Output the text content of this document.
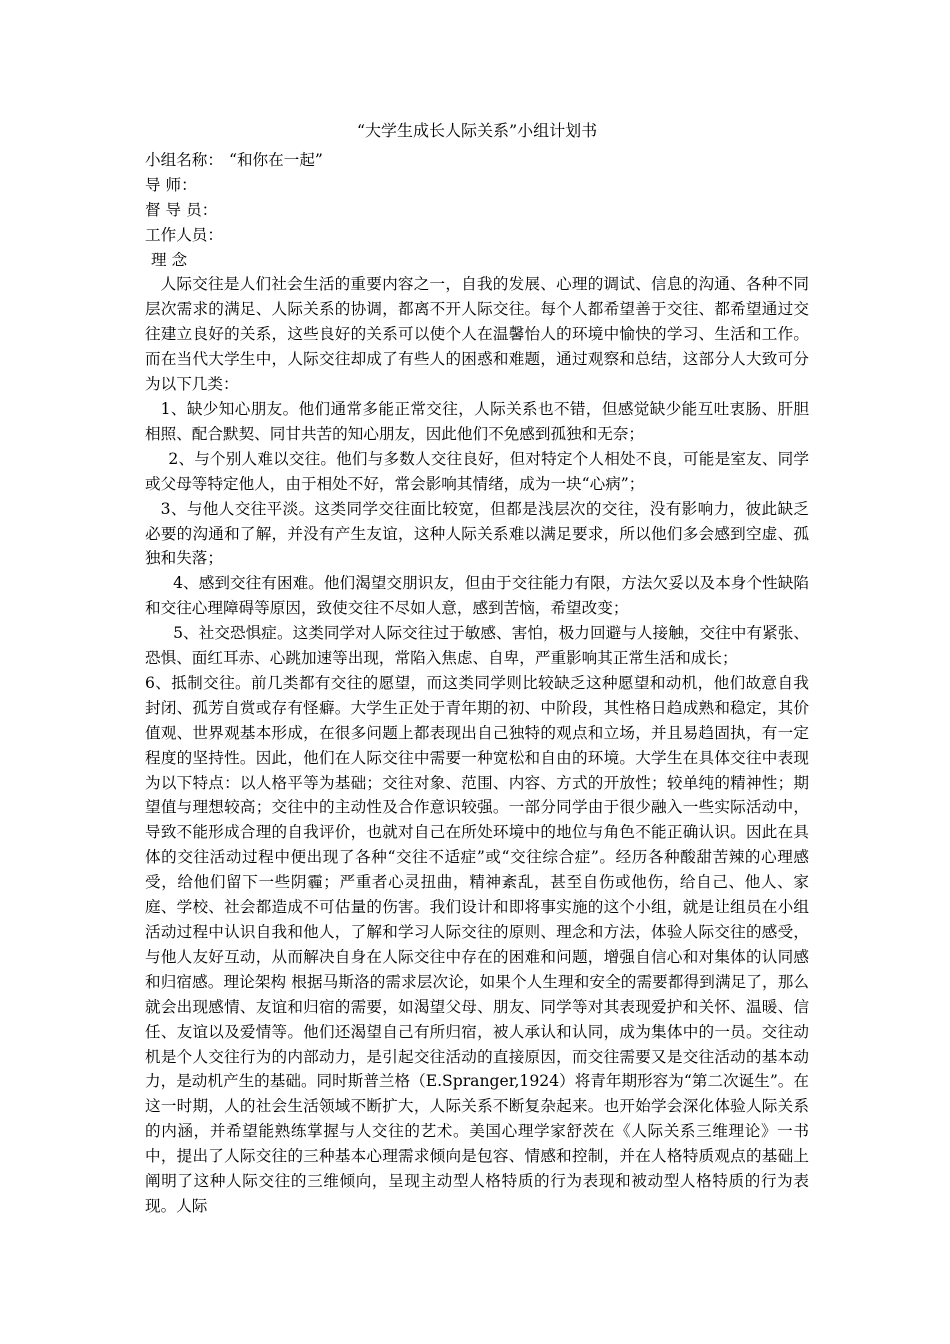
“大学生成长人际关系”小组计划书

小组名称： “和你在一起”

导 师：

督 导 员：

工作人员：

理 念

人际交往是人们社会生活的重要内容之一，自我的发展、心理的调试、信息的沟通、各种不同层次需求的满足、人际关系的协调，都离不开人际交往。每个人都希望善于交往、都希望通过交往建立良好的关系，这些良好的关系可以使个人在温馨怡人的环境中愉快的学习、生活和工作。而在当代大学生中，人际交往却成了有些人的困惑和难题，通过观察和总结，这部分人大致可分为以下几类：

1、缺少知心朋友。他们通常多能正常交往，人际关系也不错，但感觉缺少能互吐衷肠、肝胆相照、配合默契、同甘共苦的知心朋友，因此他们不免感到孤独和无奈；

2、与个别人难以交往。他们与多数人交往良好，但对特定个人相处不良，可能是室友、同学或父母等特定他人，由于相处不好，常会影响其情绪，成为一块“心病”；

3、与他人交往平淡。这类同学交往面比较宽，但都是浅层次的交往，没有影响力，彼此缺乏必要的沟通和了解，并没有产生友谊，这种人际关系难以满足要求，所以他们多会感到空虚、孤独和失落；

4、感到交往有困难。他们渴望交朋识友，但由于交往能力有限，方法欠妥以及本身个性缺陷和交往心理障碍等原因，致使交往不尽如人意，感到苦恼，希望改变；

5、社交恐惧症。这类同学对人际交往过于敏感、害怕，极力回避与人接触，交往中有紧张、恐惧、面红耳赤、心跳加速等出现，常陷入焦虑、自卑，严重影响其正常生活和成长；

6、抵制交往。前几类都有交往的愿望，而这类同学则比较缺乏这种愿望和动机，他们故意自我封闭、孤芳自赏或存有怪癖。大学生正处于青年期的初、中阶段，其性格日趋成熟和稳定，其价值观、世界观基本形成，在很多问题上都表现出自己独特的观点和立场，并且易趋固执，有一定程度的坚持性。因此，他们在人际交往中需要一种宽松和自由的环境。大学生在具体交往中表现为以下特点：以人格平等为基础；交往对象、范围、内容、方式的开放性；较单纯的精神性；期望值与理想较高；交往中的主动性及合作意识较强。一部分同学由于很少融入一些实际活动中，导致不能形成合理的自我评价，也就对自己在所处环境中的地位与角色不能正确认识。因此在具体的交往活动过程中便出现了各种“交往不适症”或“交往综合症”。经历各种酸甜苦辣的心理感受，给他们留下一些阴霾；严重者心灵扭曲，精神紊乱，甚至自伤或他伤，给自己、他人、家庭、学校、社会都造成不可估量的伤害。我们设计和即将事实施的这个小组，就是让组员在小组活动过程中认识自我和他人，了解和学习人际交往的原则、理念和方法，体验人际交往的感受，与他人友好互动，从而解决自身在人际交往中存在的困难和问题，增强自信心和对集体的认同感和归宿感。理论架构 根据马斯洛的需求层次论，如果个人生理和安全的需要都得到满足了，那么就会出现感情、友谊和归宿的需要，如渴望父母、朋友、同学等对其表现爱护和关怀、温暖、信任、友谊以及爱情等。他们还渴望自己有所归宿，被人承认和认同，成为集体中的一员。交往动机是个人交往行为的内部动力，是引起交往活动的直接原因，而交往需要又是交往活动的基本动力，是动机产生的基础。同时斯普兰格（E.Spranger,1924）将青年期形容为“第二次诞生”。在这一时期，人的社会生活领域不断扩大，人际关系不断复杂起来。也开始学会深化体验人际关系的内涵，并希望能熟练掌握与人交往的艺术。美国心理学家舒茨在《人际关系三维理论》一书中，提出了人际交往的三种基本心理需求倾向是包容、情感和控制，并在人格特质观点的基础上阐明了这种人际交往的三维倾向，呈现主动型人格特质的行为表现和被动型人格特质的行为表现。人际
